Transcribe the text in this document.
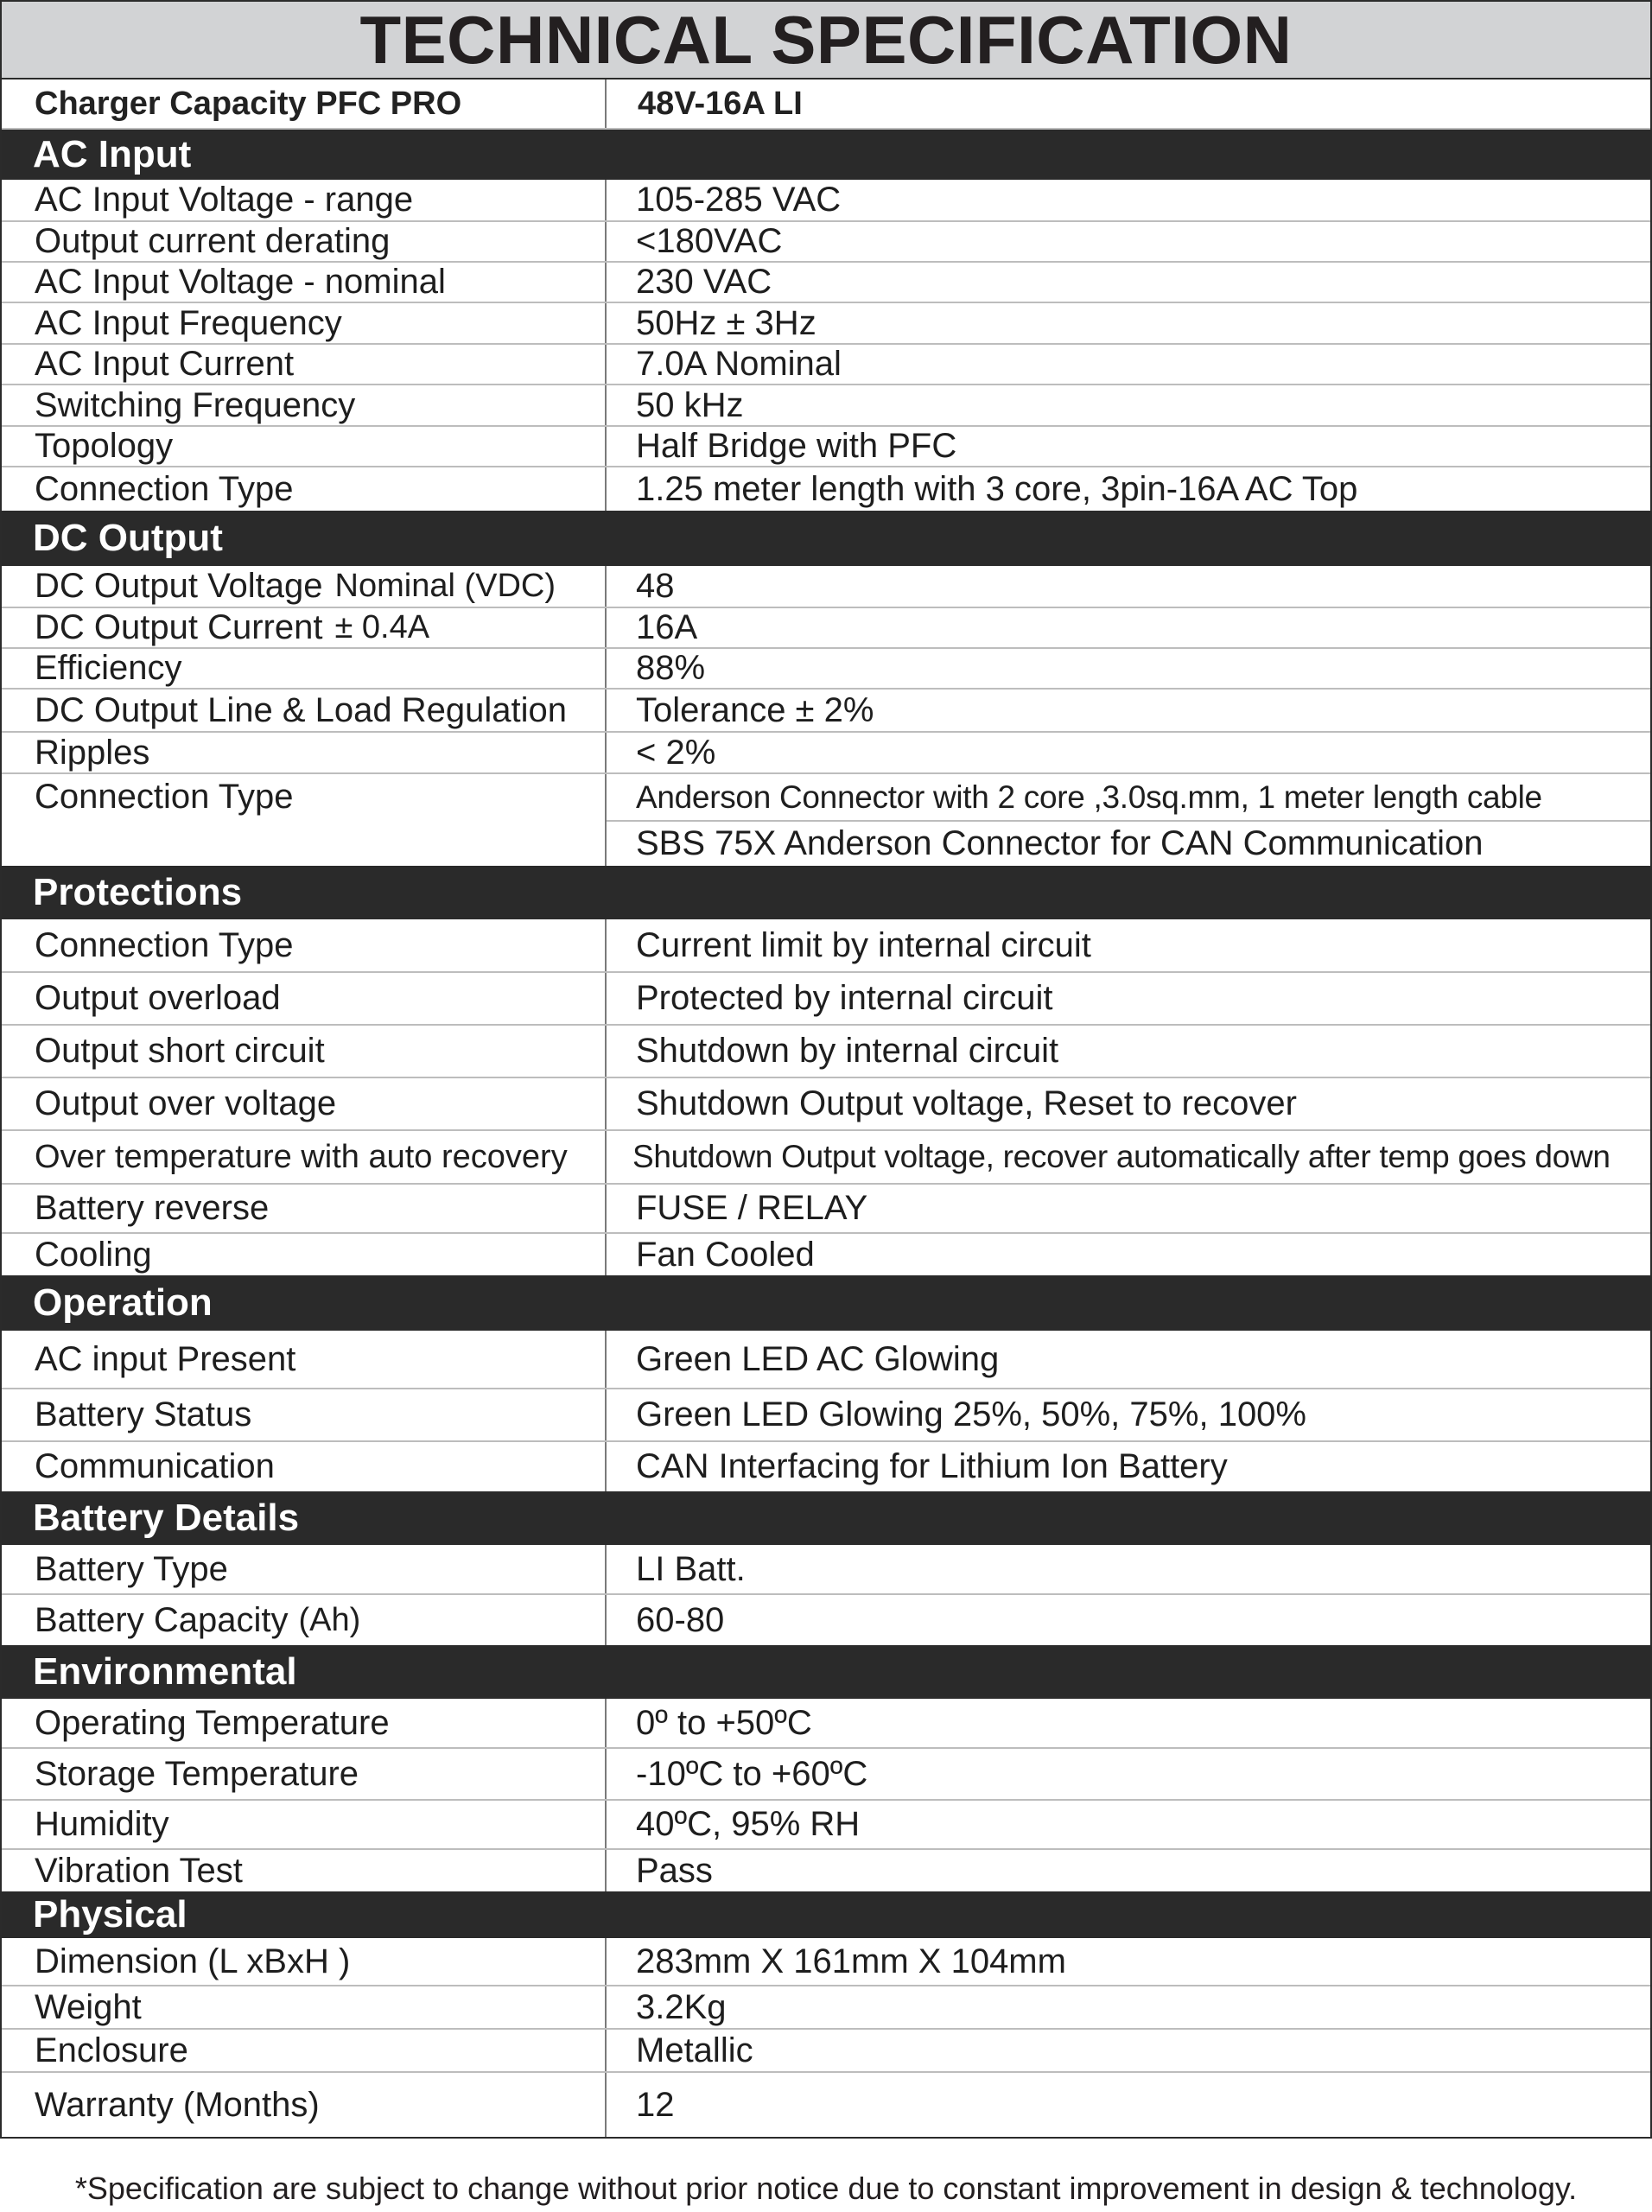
TECHNICAL SPECIFICATION
Charger Capacity PFC PRO	48V-16A LI
AC Input
AC Input Voltage - range	105-285 VAC
Output current derating	<180VAC
AC Input Voltage - nominal	230 VAC
AC Input Frequency	50Hz ± 3Hz
AC Input Current	7.0A Nominal
Switching Frequency	50 kHz
Topology	Half Bridge with PFC
Connection Type	1.25 meter length with 3 core, 3pin-16A AC Top
DC Output
DC Output Voltage Nominal (VDC)	48
DC Output Current ± 0.4A	16A
Efficiency	88%
DC Output Line & Load Regulation	Tolerance ± 2%
Ripples	< 2%
Connection Type	Anderson Connector with 2 core ,3.0sq.mm, 1 meter length cable
SBS 75X Anderson Connector for CAN Communication
Protections
Connection Type	Current limit by internal circuit
Output overload	Protected by internal circuit
Output short circuit	Shutdown by internal circuit
Output over voltage	Shutdown Output voltage, Reset to recover
Over temperature with auto recovery	Shutdown Output voltage, recover automatically after temp goes down
Battery reverse	FUSE / RELAY
Cooling	Fan Cooled
Operation
AC input Present	Green LED AC Glowing
Battery Status	Green LED Glowing 25%, 50%, 75%, 100%
Communication	CAN Interfacing for Lithium Ion Battery
Battery Details
Battery Type	LI Batt.
Battery Capacity (Ah)	60-80
Environmental
Operating Temperature	0º to +50ºC
Storage Temperature	-10ºC to +60ºC
Humidity	40ºC, 95% RH
Vibration Test	Pass
Physical
Dimension (L xBxH )	283mm X 161mm X 104mm
Weight	3.2Kg
Enclosure	Metallic
Warranty (Months)	12
*Specification are subject to change without prior notice due to constant improvement in design & technology.
